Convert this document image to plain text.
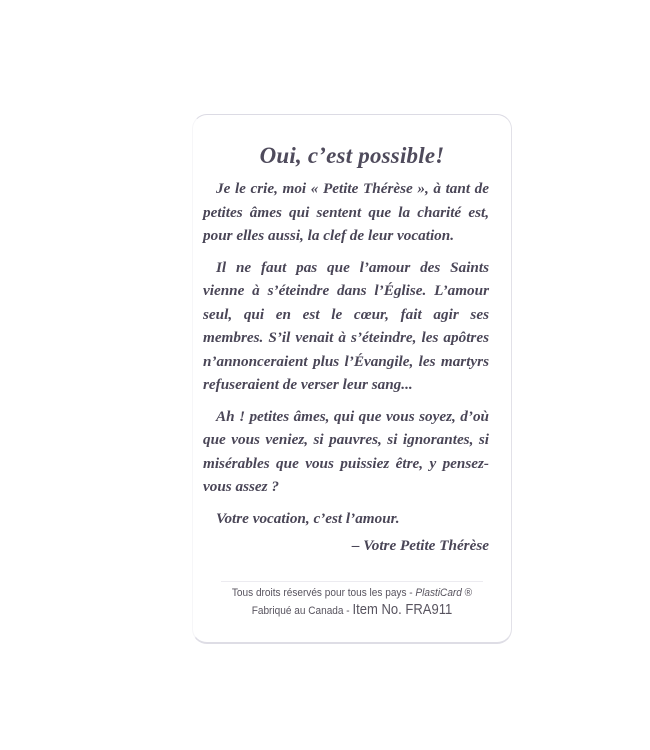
Oui, c’est possible!

Je le crie, moi « Petite Thérèse », à tant de petites âmes qui sentent que la charité est, pour elles aussi, la clef de leur vocation.

Il ne faut pas que l’amour des Saints vienne à s’éteindre dans l’Église. L’amour seul, qui en est le cœur, fait agir ses membres. S’il venait à s’éteindre, les apôtres n’annonceraient plus l’Évangile, les martyrs refuseraient de verser leur sang...

Ah ! petites âmes, qui que vous soyez, d’où que vous veniez, si pauvres, si ignorantes, si misérables que vous puissiez être, y pensez-vous assez ?

Votre vocation, c’est l’amour.

– Votre Petite Thérèse

Tous droits réservés pour tous les pays - PlastiCard ®
Fabriqué au Canada - Item No. FRA911
